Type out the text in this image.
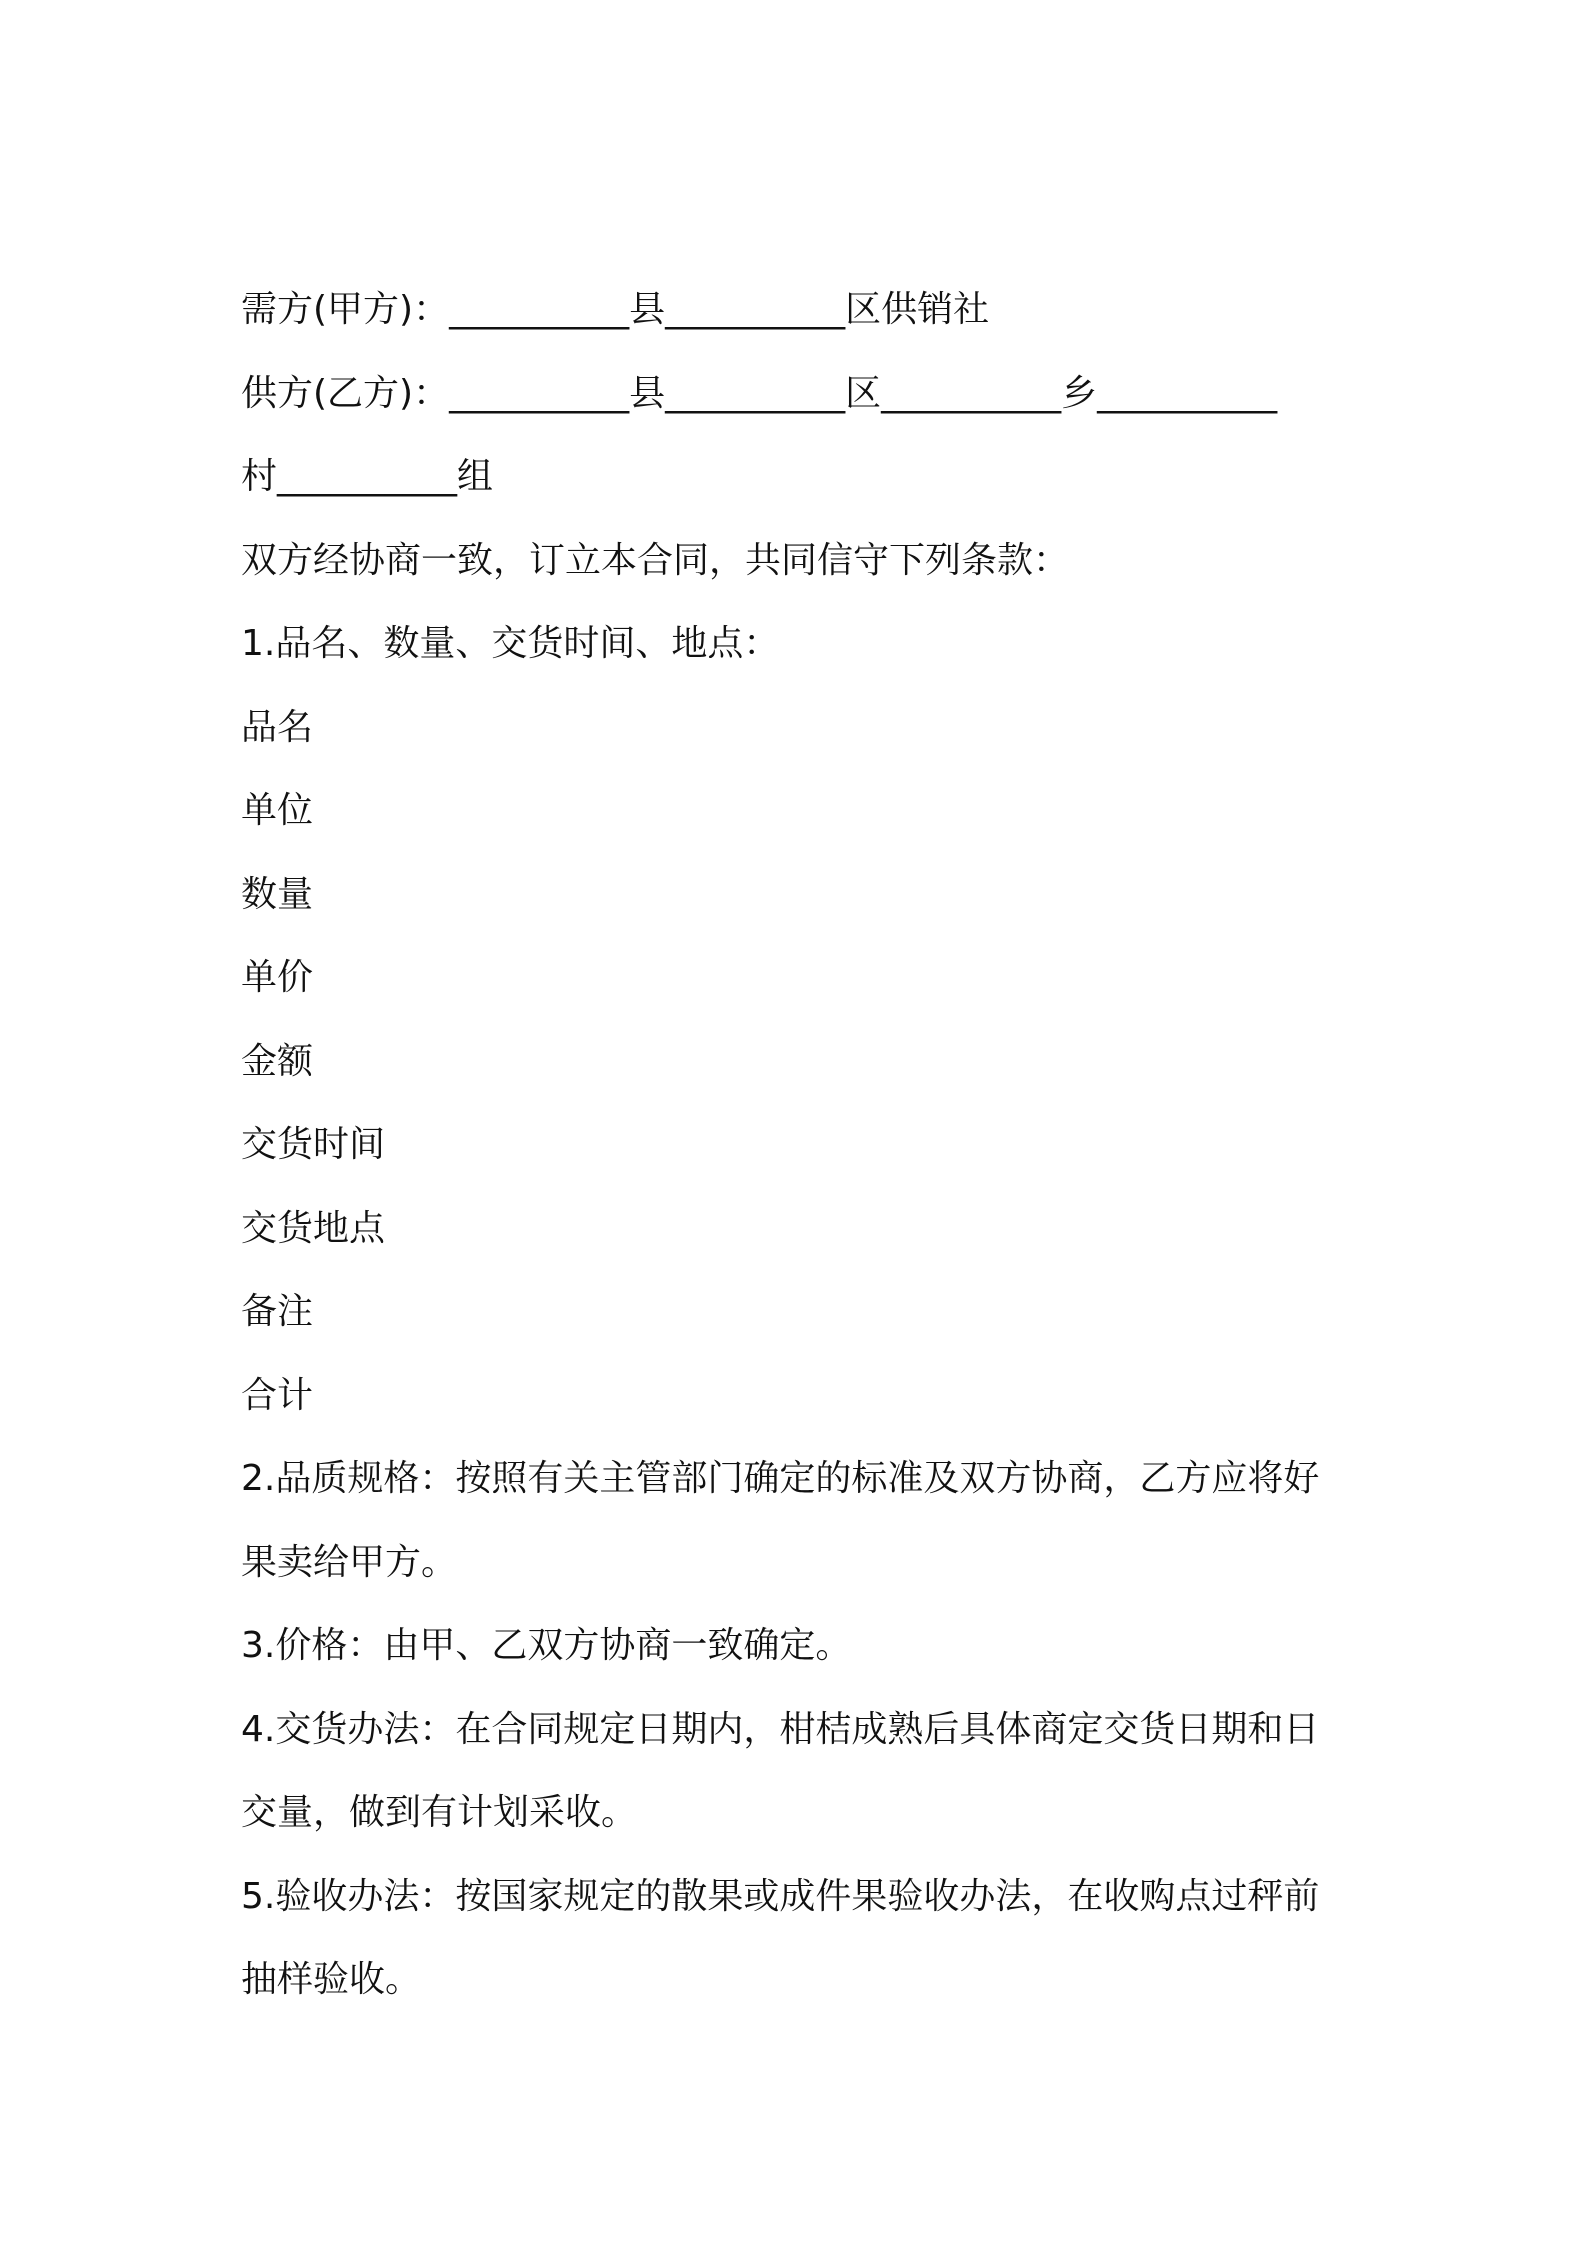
需方(甲方)：__________县__________区供销社
供方(乙方)：__________县__________区__________乡__________
村__________组
双方经协商一致，订立本合同，共同信守下列条款：
1.品名、数量、交货时间、地点：
品名
单位
数量
单价
金额
交货时间
交货地点
备注
合计
2.品质规格：按照有关主管部门确定的标准及双方协商，乙方应将好
果卖给甲方。
3.价格：由甲、乙双方协商一致确定。
4.交货办法：在合同规定日期内，柑桔成熟后具体商定交货日期和日
交量，做到有计划采收。
5.验收办法：按国家规定的散果或成件果验收办法，在收购点过秤前
抽样验收。
